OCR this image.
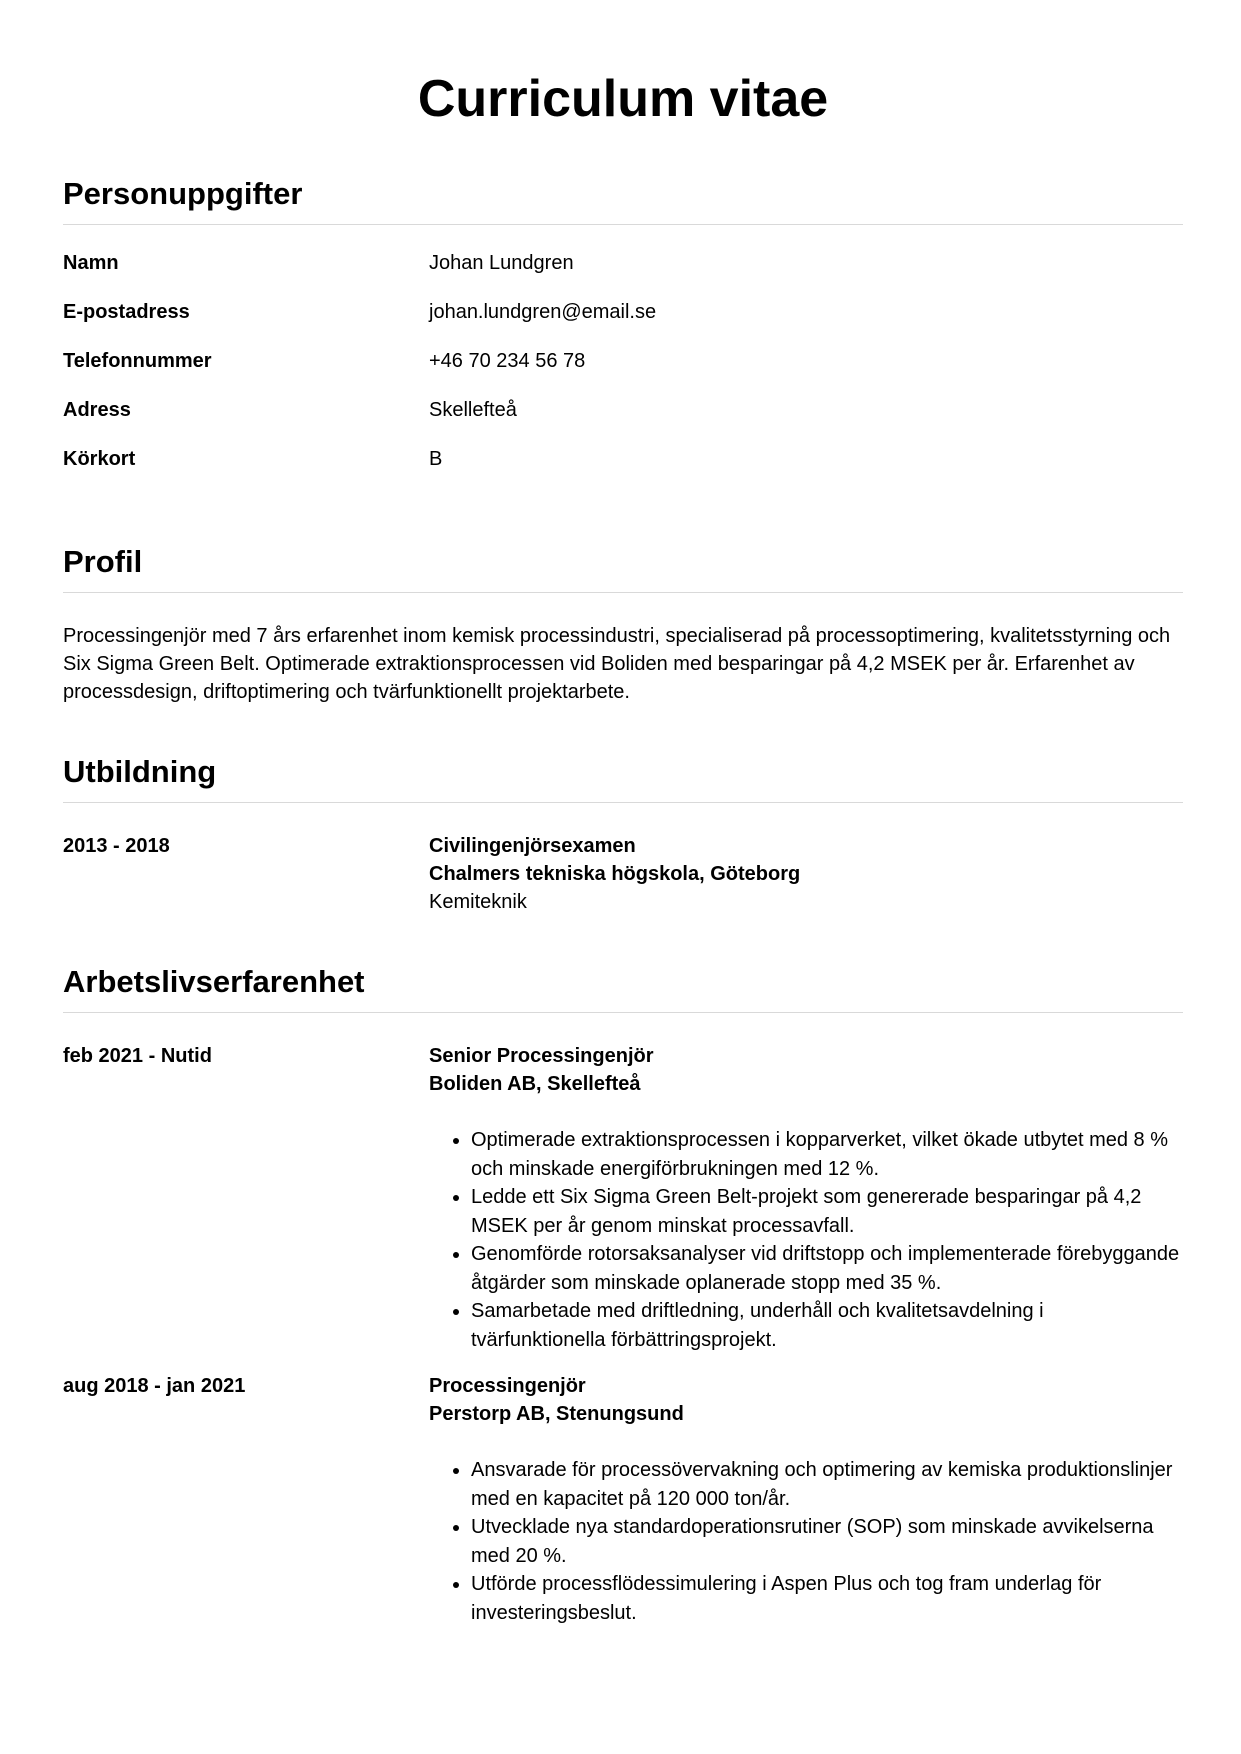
Curriculum vitae
Personuppgifter
Namn	Johan Lundgren
E-postadress	johan.lundgren@email.se
Telefonnummer	+46 70 234 56 78
Adress	Skellefteå
Körkort	B
Profil

Processingenjör med 7 års erfarenhet inom kemisk processindustri, specialiserad på processoptimering, kvalitetsstyrning och Six Sigma Green Belt. Optimerade extraktionsprocessen vid Boliden med besparingar på 4,2 MSEK per år. Erfarenhet av processdesign, driftoptimering och tvärfunktionellt projektarbete.

Utbildning
2013 - 2018	Civilingenjörsexamen
Chalmers tekniska högskola, Göteborg
Kemiteknik
Arbetslivserfarenhet
feb 2021 - Nutid	Senior Processingenjör
Boliden AB, Skellefteå
• Optimerade extraktionsprocessen i kopparverket, vilket ökade utbytet med 8 % och minskade energiförbrukningen med 12 %.
• Ledde ett Six Sigma Green Belt-projekt som genererade besparingar på 4,2 MSEK per år genom minskat processavfall.
• Genomförde rotorsaksanalyser vid driftstopp och implementerade förebyggande åtgärder som minskade oplanerade stopp med 35 %.
• Samarbetade med driftledning, underhåll och kvalitetsavdelning i tvärfunktionella förbättringsprojekt.
aug 2018 - jan 2021	Processingenjör
Perstorp AB, Stenungsund
• Ansvarade för processövervakning och optimering av kemiska produktionslinjer med en kapacitet på 120 000 ton/år.
• Utvecklade nya standardoperationsrutiner (SOP) som minskade avvikelserna med 20 %.
• Utförde processflödessimulering i Aspen Plus och tog fram underlag för investeringsbeslut.
